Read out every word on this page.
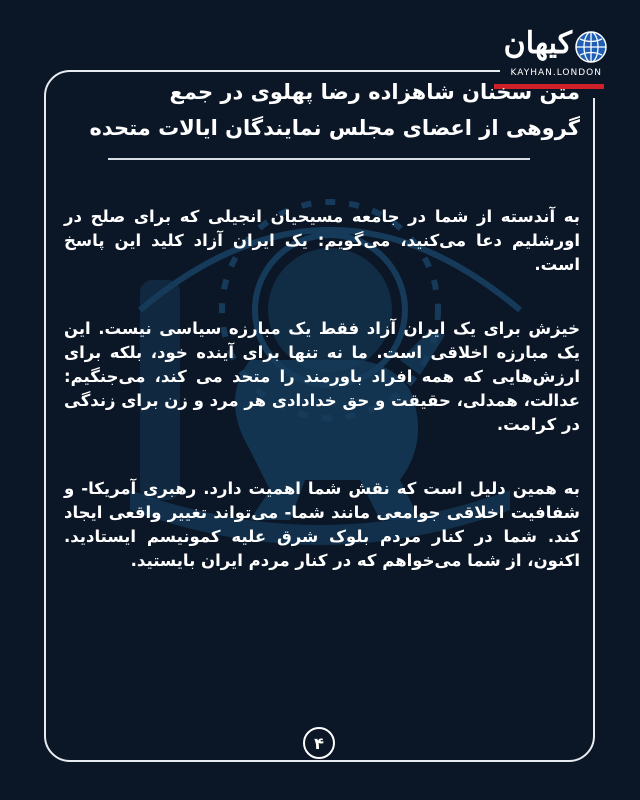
کیهان
KAYHAN.LONDON
متن سخنان شاهزاده رضا پهلوی در جمع
گروهی از اعضای مجلس نمایندگان ایالات متحده

به آندسته از شما در جامعه مسیحیان انجیلی که برای صلح در اورشلیم دعا می‌کنید، می‌گویم: یک ایران آزاد کلید این پاسخ است.

خیزش برای یک ایران آزاد فقط یک مبارزه سیاسی نیست. این یک مبارزه اخلاقی است. ما نه تنها برای آینده خود، بلکه برای ارزش‌هایی که همه افراد باورمند را متحد می کند، می‌جنگیم: عدالت، همدلی، حقیقت و حق خدادادی هر مرد و زن برای زندگی در کرامت.

به همین دلیل است که نقش شما اهمیت دارد. رهبری آمریکا- و شفافیت اخلاقی جوامعی مانند شما- می‌تواند تغییر واقعی ایجاد کند. شما در کنار مردم بلوک شرق علیه کمونیسم ایستادید. اکنون، از شما می‌خواهم که در کنار مردم ایران بایستید.

۴
